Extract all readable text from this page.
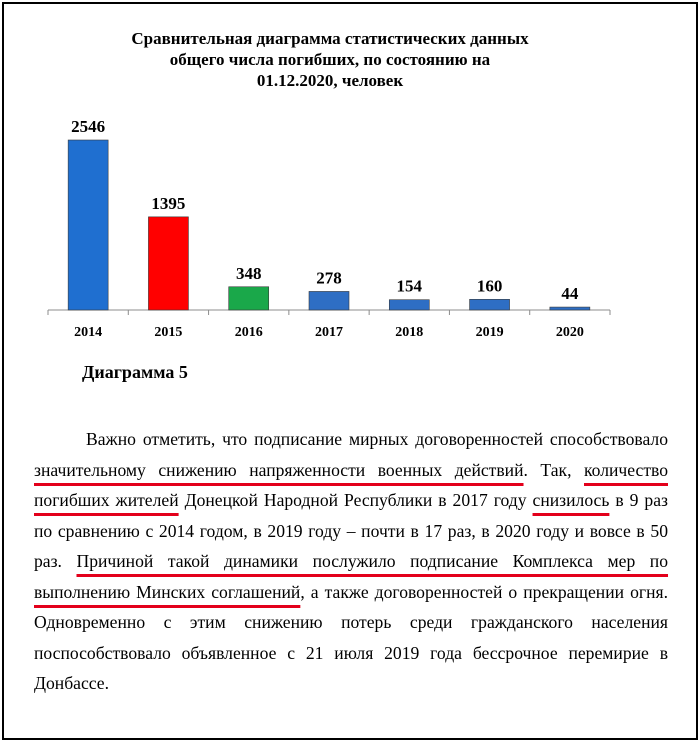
Сравнительная диаграмма статистических данных
общего числа погибших, по состоянию на
01.12.2020, человек
2546
2014
1395
2015
348
2016
278
2017
154
2018
160
2019
44
2020
Диаграмма 5
Важно отметить, что подписание мирных договоренностей способствовало значительному снижению напряженности военных действий. Так, количество погибших жителей Донецкой Народной Республики в 2017 году снизилось в 9 раз по сравнению с 2014 годом, в 2019 году – почти в 17 раз, в 2020 году и вовсе в 50 раз. Причиной такой динамики послужило подписание Комплекса мер по выполнению Минских соглашений, а также договоренностей о прекращении огня. Одновременно с этим снижению потерь среди гражданского населения поспособствовало объявленное с 21 июля 2019 года бессрочное перемирие в Донбассе.
